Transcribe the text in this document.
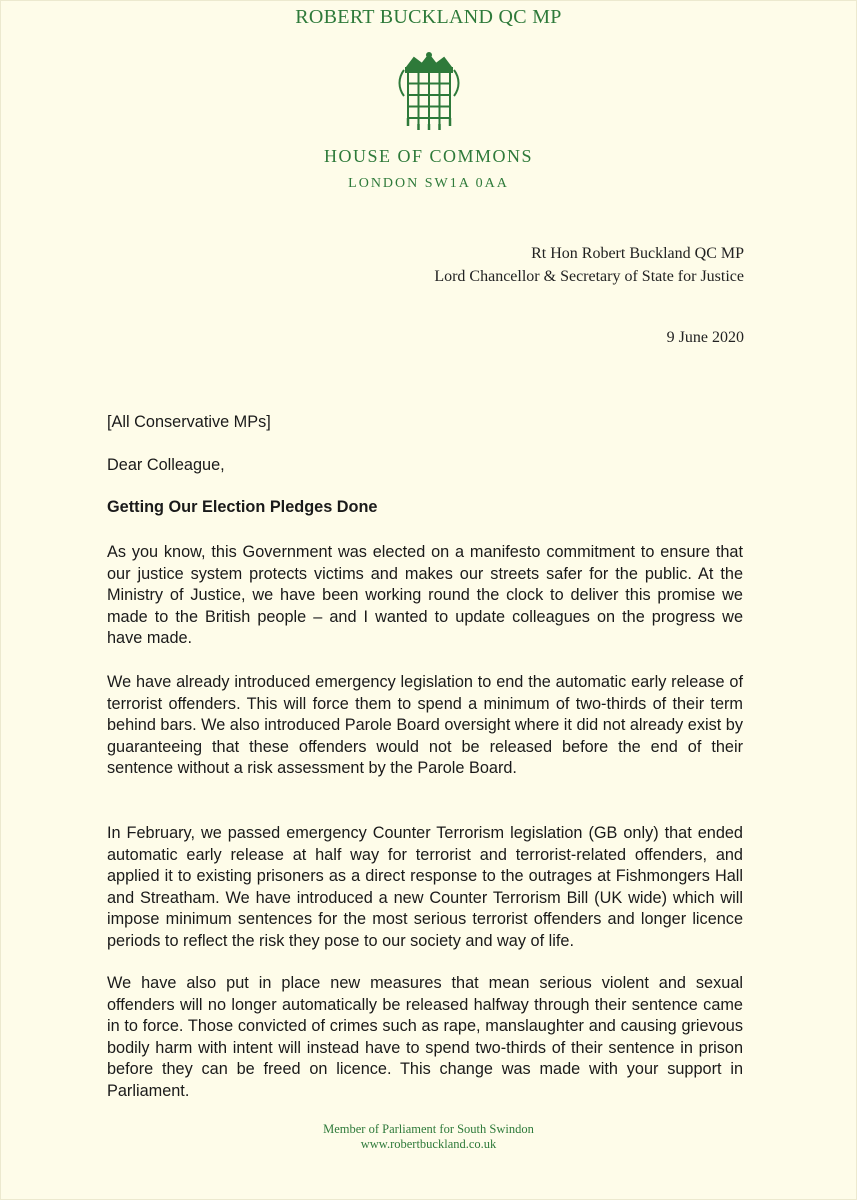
ROBERT BUCKLAND QC MP
HOUSE OF COMMONS
LONDON SW1A 0AA
Rt Hon Robert Buckland QC MP
Lord Chancellor & Secretary of State for Justice
9 June 2020
[All Conservative MPs]
Dear Colleague,
Getting Our Election Pledges Done
As you know, this Government was elected on a manifesto commitment to ensure that our justice system protects victims and makes our streets safer for the public. At the Ministry of Justice, we have been working round the clock to deliver this promise we made to the British people – and I wanted to update colleagues on the progress we have made.
We have already introduced emergency legislation to end the automatic early release of terrorist offenders. This will force them to spend a minimum of two-thirds of their term behind bars. We also introduced Parole Board oversight where it did not already exist by guaranteeing that these offenders would not be released before the end of their sentence without a risk assessment by the Parole Board.
In February, we passed emergency Counter Terrorism legislation (GB only) that ended automatic early release at half way for terrorist and terrorist-related offenders, and applied it to existing prisoners as a direct response to the outrages at Fishmongers Hall and Streatham. We have introduced a new Counter Terrorism Bill (UK wide) which will impose minimum sentences for the most serious terrorist offenders and longer licence periods to reflect the risk they pose to our society and way of life.
We have also put in place new measures that mean serious violent and sexual offenders will no longer automatically be released halfway through their sentence came in to force. Those convicted of crimes such as rape, manslaughter and causing grievous bodily harm with intent will instead have to spend two-thirds of their sentence in prison before they can be freed on licence. This change was made with your support in Parliament.
Member of Parliament for South Swindon
www.robertbuckland.co.uk
